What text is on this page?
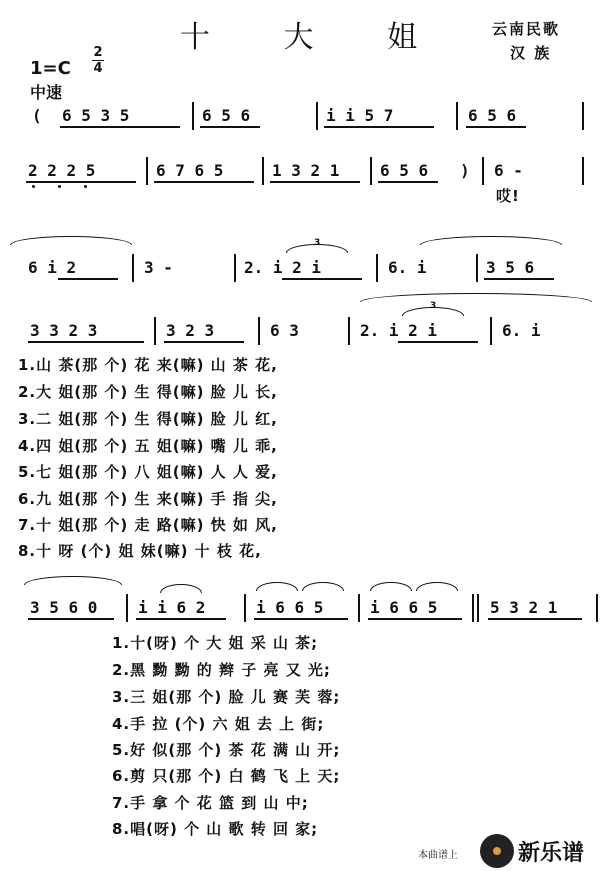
十 大 姐	云南民歌
汉 族
1=C
2
4
中速
( 6 5 3 5	6 5 6	i i 5 7	6 5 6
2 2 2 5	6 7 6 5	1 3 2 1	6 5 6 ) 6 -
哎!
6 i 2	3 -	2. i 2 i
3
6. i	3 5 6
3 3 2 3	3 2 3	6 3	2. i 2 i
3
6. i
1.山 茶(那 个) 花 来(嘛) 山 茶 花,
2.大 姐(那 个) 生 得(嘛) 脸 儿 长,
3.二 姐(那 个) 生 得(嘛) 脸 儿 红,
4.四 姐(那 个) 五 姐(嘛) 嘴 儿 乖,
5.七 姐(那 个) 八 姐(嘛) 人 人 爱,
6.九 姐(那 个) 生 来(嘛) 手 指 尖,
7.十 姐(那 个) 走 路(嘛) 快 如 风,
8.十 呀 (个) 姐 妹(嘛) 十 枝 花,
3 5 6 0	i i 6 2	i 6 6 5	i 6 6 5	5 3 2 1
1.十(呀) 个 大 姐 采 山 茶;
2.黑 黝 黝 的 辫 子 亮 又 光;
3.三 姐(那 个) 脸 儿 赛 芙 蓉;
4.手 拉 (个) 六 姐 去 上 街;
5.好 似(那 个) 茶 花 满 山 开;
6.剪 只(那 个) 白 鹤 飞 上 天;
7.手 拿 个 花 篮 到 山 中;
8.唱(呀) 个 山 歌 转 回 家;
本曲谱上	新乐谱
